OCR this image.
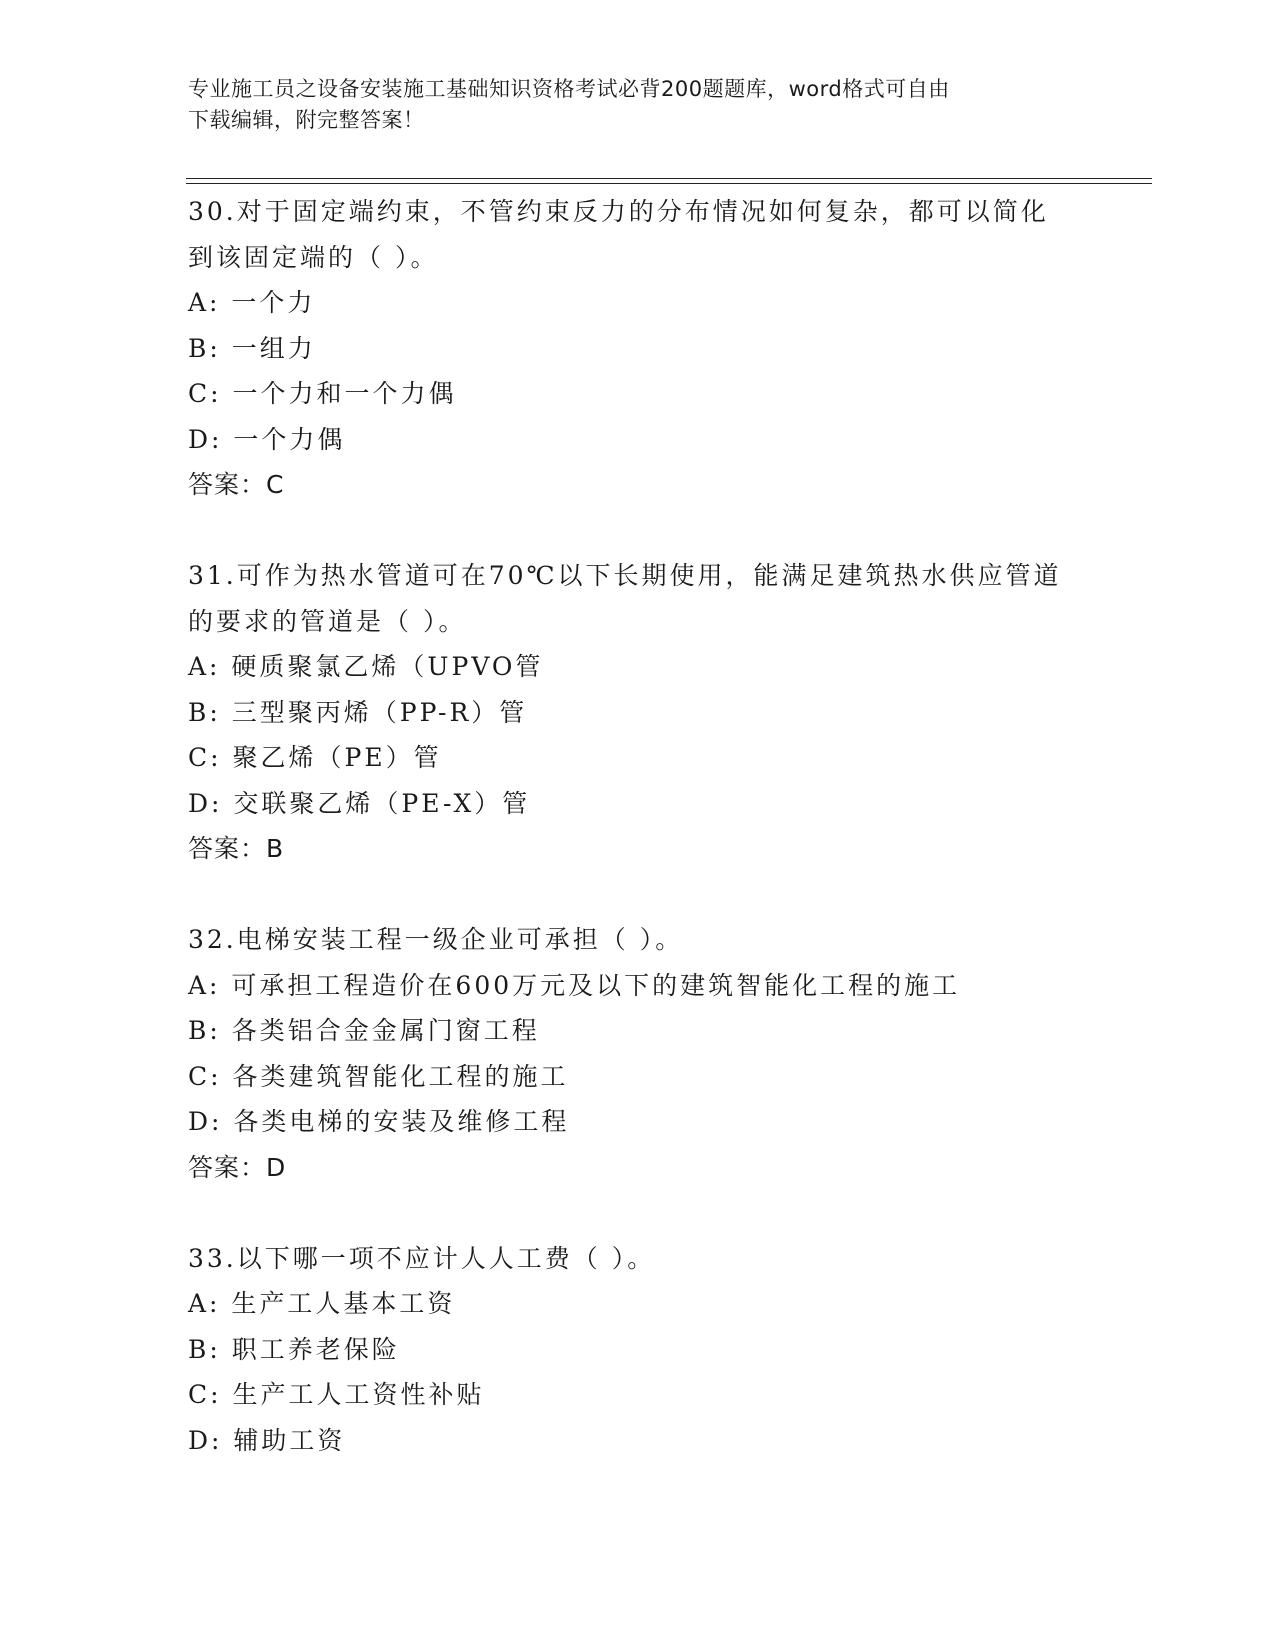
专业施工员之设备安装施工基础知识资格考试必背200题题库，word格式可自由
下载编辑，附完整答案！

30.对于固定端约束，不管约束反力的分布情况如何复杂，都可以简化

到该固定端的（ ）。

A: 一个力

B: 一组力

C: 一个力和一个力偶

D: 一个力偶

答案：C

31.可作为热水管道可在70℃以下长期使用，能满足建筑热水供应管道

的要求的管道是（ ）。

A: 硬质聚氯乙烯（UPVO管

B: 三型聚丙烯（PP-R）管

C: 聚乙烯（PE）管

D: 交联聚乙烯（PE-X）管

答案：B

32.电梯安装工程一级企业可承担（ ）。

A: 可承担工程造价在600万元及以下的建筑智能化工程的施工

B: 各类铝合金金属门窗工程

C: 各类建筑智能化工程的施工

D: 各类电梯的安装及维修工程

答案：D

33.以下哪一项不应计人人工费（ ）。

A: 生产工人基本工资

B: 职工养老保险

C: 生产工人工资性补贴

D: 辅助工资
